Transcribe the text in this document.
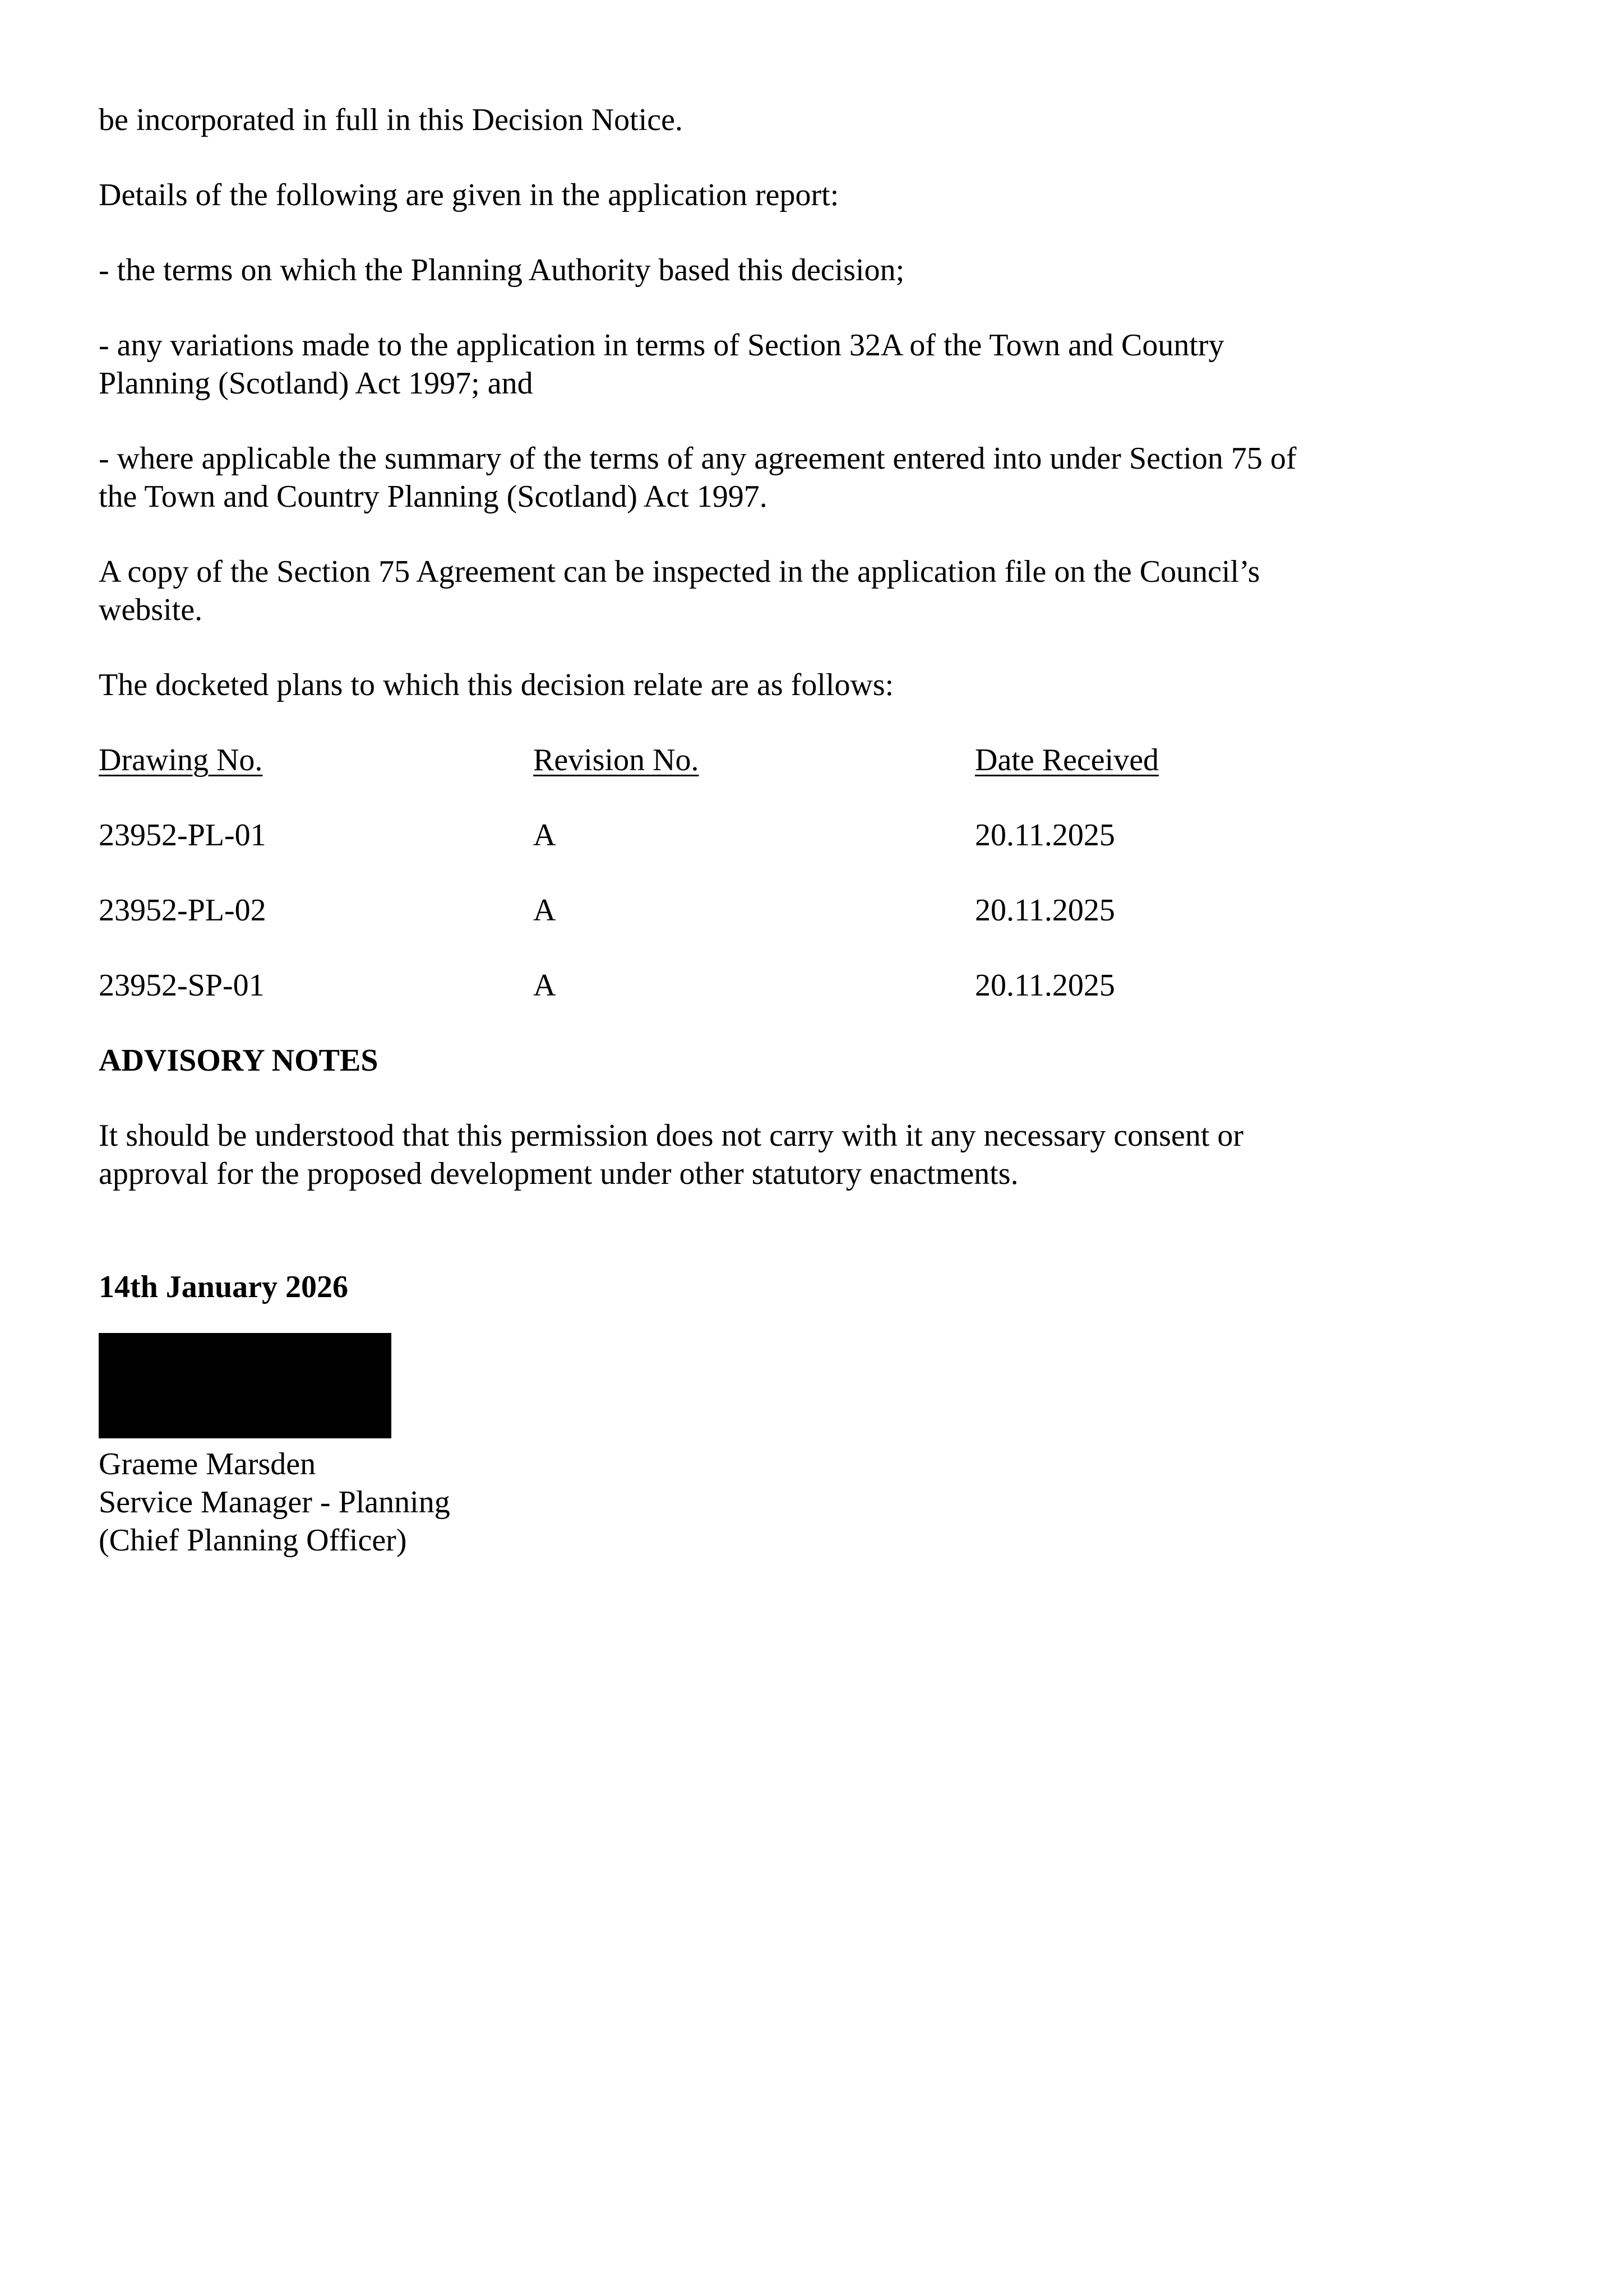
be incorporated in full in this Decision Notice.

Details of the following are given in the application report:

- the terms on which the Planning Authority based this decision;

- any variations made to the application in terms of Section 32A of the Town and Country
Planning (Scotland) Act 1997; and

- where applicable the summary of the terms of any agreement entered into under Section 75 of
the Town and Country Planning (Scotland) Act 1997.

A copy of the Section 75 Agreement can be inspected in the application file on the Council’s
website.

The docketed plans to which this decision relate are as follows:

Drawing No.	Revision No.	Date Received
23952-PL-01	A	20.11.2025
23952-PL-02	A	20.11.2025
23952-SP-01	A	20.11.2025

ADVISORY NOTES

It should be understood that this permission does not carry with it any necessary consent or
approval for the proposed development under other statutory enactments.

14th January 2026

Graeme Marsden
Service Manager - Planning
(Chief Planning Officer)
